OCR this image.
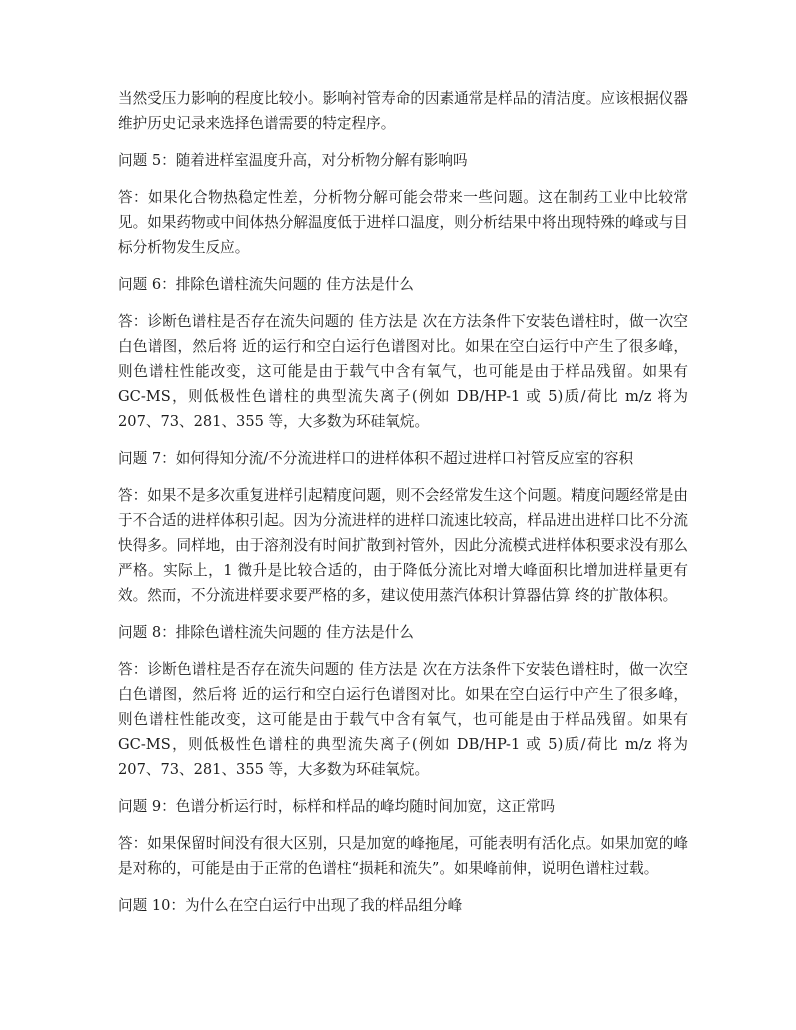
当然受压力影响的程度比较小。影响衬管寿命的因素通常是样品的清洁度。应该根据仪器维护历史记录来选择色谱需要的特定程序。

问题 5：随着进样室温度升高，对分析物分解有影响吗

答：如果化合物热稳定性差，分析物分解可能会带来一些问题。这在制药工业中比较常见。如果药物或中间体热分解温度低于进样口温度，则分析结果中将出现特殊的峰或与目标分析物发生反应。

问题 6：排除色谱柱流失问题的 佳方法是什么

答：诊断色谱柱是否存在流失问题的 佳方法是 次在方法条件下安装色谱柱时，做一次空白色谱图，然后将 近的运行和空白运行色谱图对比。如果在空白运行中产生了很多峰，则色谱柱性能改变，这可能是由于载气中含有氧气，也可能是由于样品残留。如果有 GC-MS，则低极性色谱柱的典型流失离子(例如 DB/HP-1 或 5)质/荷比 m/z 将为 207、73、281、355 等，大多数为环硅氧烷。

问题 7：如何得知分流/不分流进样口的进样体积不超过进样口衬管反应室的容积

答：如果不是多次重复进样引起精度问题，则不会经常发生这个问题。精度问题经常是由于不合适的进样体积引起。因为分流进样的进样口流速比较高，样品进出进样口比不分流快得多。同样地，由于溶剂没有时间扩散到衬管外，因此分流模式进样体积要求没有那么严格。实际上，1 微升是比较合适的，由于降低分流比对增大峰面积比增加进样量更有效。然而，不分流进样要求要严格的多，建议使用蒸汽体积计算器估算 终的扩散体积。

问题 8：排除色谱柱流失问题的 佳方法是什么

答：诊断色谱柱是否存在流失问题的 佳方法是 次在方法条件下安装色谱柱时，做一次空白色谱图，然后将 近的运行和空白运行色谱图对比。如果在空白运行中产生了很多峰，则色谱柱性能改变，这可能是由于载气中含有氧气，也可能是由于样品残留。如果有 GC-MS，则低极性色谱柱的典型流失离子(例如 DB/HP-1 或 5)质/荷比 m/z 将为 207、73、281、355 等，大多数为环硅氧烷。

问题 9：色谱分析运行时，标样和样品的峰均随时间加宽，这正常吗

答：如果保留时间没有很大区别，只是加宽的峰拖尾，可能表明有活化点。如果加宽的峰是对称的，可能是由于正常的色谱柱“损耗和流失”。如果峰前伸，说明色谱柱过载。

问题 10：为什么在空白运行中出现了我的样品组分峰
